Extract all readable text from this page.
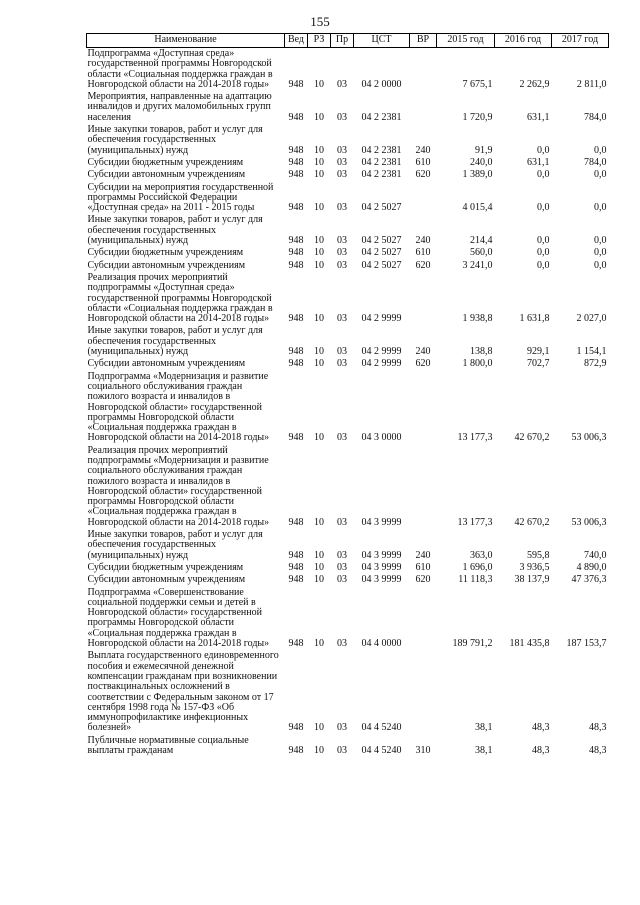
155
Наименование	Вед	РЗ	Пр	ЦСТ	ВР	2015 год	2016 год	2017 год
Подпрограмма «Доступная среда» государственной программы Новгородской области «Социальная поддержка граждан в Новгородской области на 2014-2018 годы»	948	10	03	04 2 0000		7 675,1	2 262,9	2 811,0
Мероприятия, направленные на адаптацию инвалидов и других маломобильных групп населения	948	10	03	04 2 2381		1 720,9	631,1	784,0
Иные закупки товаров, работ и услуг для обеспечения государственных (муниципальных) нужд	948	10	03	04 2 2381	240	91,9	0,0	0,0
Субсидии бюджетным учреждениям	948	10	03	04 2 2381	610	240,0	631,1	784,0
Субсидии автономным учреждениям	948	10	03	04 2 2381	620	1 389,0	0,0	0,0
Субсидии на мероприятия государственной программы Российской Федерации «Доступная среда» на 2011 - 2015 годы	948	10	03	04 2 5027		4 015,4	0,0	0,0
Иные закупки товаров, работ и услуг для обеспечения государственных (муниципальных) нужд	948	10	03	04 2 5027	240	214,4	0,0	0,0
Субсидии бюджетным учреждениям	948	10	03	04 2 5027	610	560,0	0,0	0,0
Субсидии автономным учреждениям	948	10	03	04 2 5027	620	3 241,0	0,0	0,0
Реализация прочих мероприятий подпрограммы «Доступная среда» государственной программы Новгородской области «Социальная поддержка граждан в Новгородской области на 2014-2018 годы»	948	10	03	04 2 9999		1 938,8	1 631,8	2 027,0
Иные закупки товаров, работ и услуг для обеспечения государственных (муниципальных) нужд	948	10	03	04 2 9999	240	138,8	929,1	1 154,1
Субсидии автономным учреждениям	948	10	03	04 2 9999	620	1 800,0	702,7	872,9
Подпрограмма «Модернизация и развитие социального обслуживания граждан пожилого возраста и инвалидов в Новгородской области» государственной программы Новгородской области «Социальная поддержка граждан в Новгородской области на 2014-2018 годы»	948	10	03	04 3 0000		13 177,3	42 670,2	53 006,3
Реализация прочих мероприятий подпрограммы «Модернизация и развитие социального обслуживания граждан пожилого возраста и инвалидов в Новгородской области» государственной программы Новгородской области «Социальная поддержка граждан в Новгородской области на 2014-2018 годы»	948	10	03	04 3 9999		13 177,3	42 670,2	53 006,3
Иные закупки товаров, работ и услуг для обеспечения государственных (муниципальных) нужд	948	10	03	04 3 9999	240	363,0	595,8	740,0
Субсидии бюджетным учреждениям	948	10	03	04 3 9999	610	1 696,0	3 936,5	4 890,0
Субсидии автономным учреждениям	948	10	03	04 3 9999	620	11 118,3	38 137,9	47 376,3
Подпрограмма «Совершенствование социальной поддержки семьи и детей в Новгородской области» государственной программы Новгородской области «Социальная поддержка граждан в Новгородской области на 2014-2018 годы»	948	10	03	04 4 0000		189 791,2	181 435,8	187 153,7
Выплата государственного единовременного пособия и ежемесячной денежной компенсации гражданам при возникновении поствакцинальных осложнений в соответствии с Федеральным законом от 17 сентября 1998 года № 157-ФЗ «Об иммунопрофилактике инфекционных болезней»	948	10	03	04 4 5240		38,1	48,3	48,3
Публичные нормативные социальные выплаты гражданам	948	10	03	04 4 5240	310	38,1	48,3	48,3
